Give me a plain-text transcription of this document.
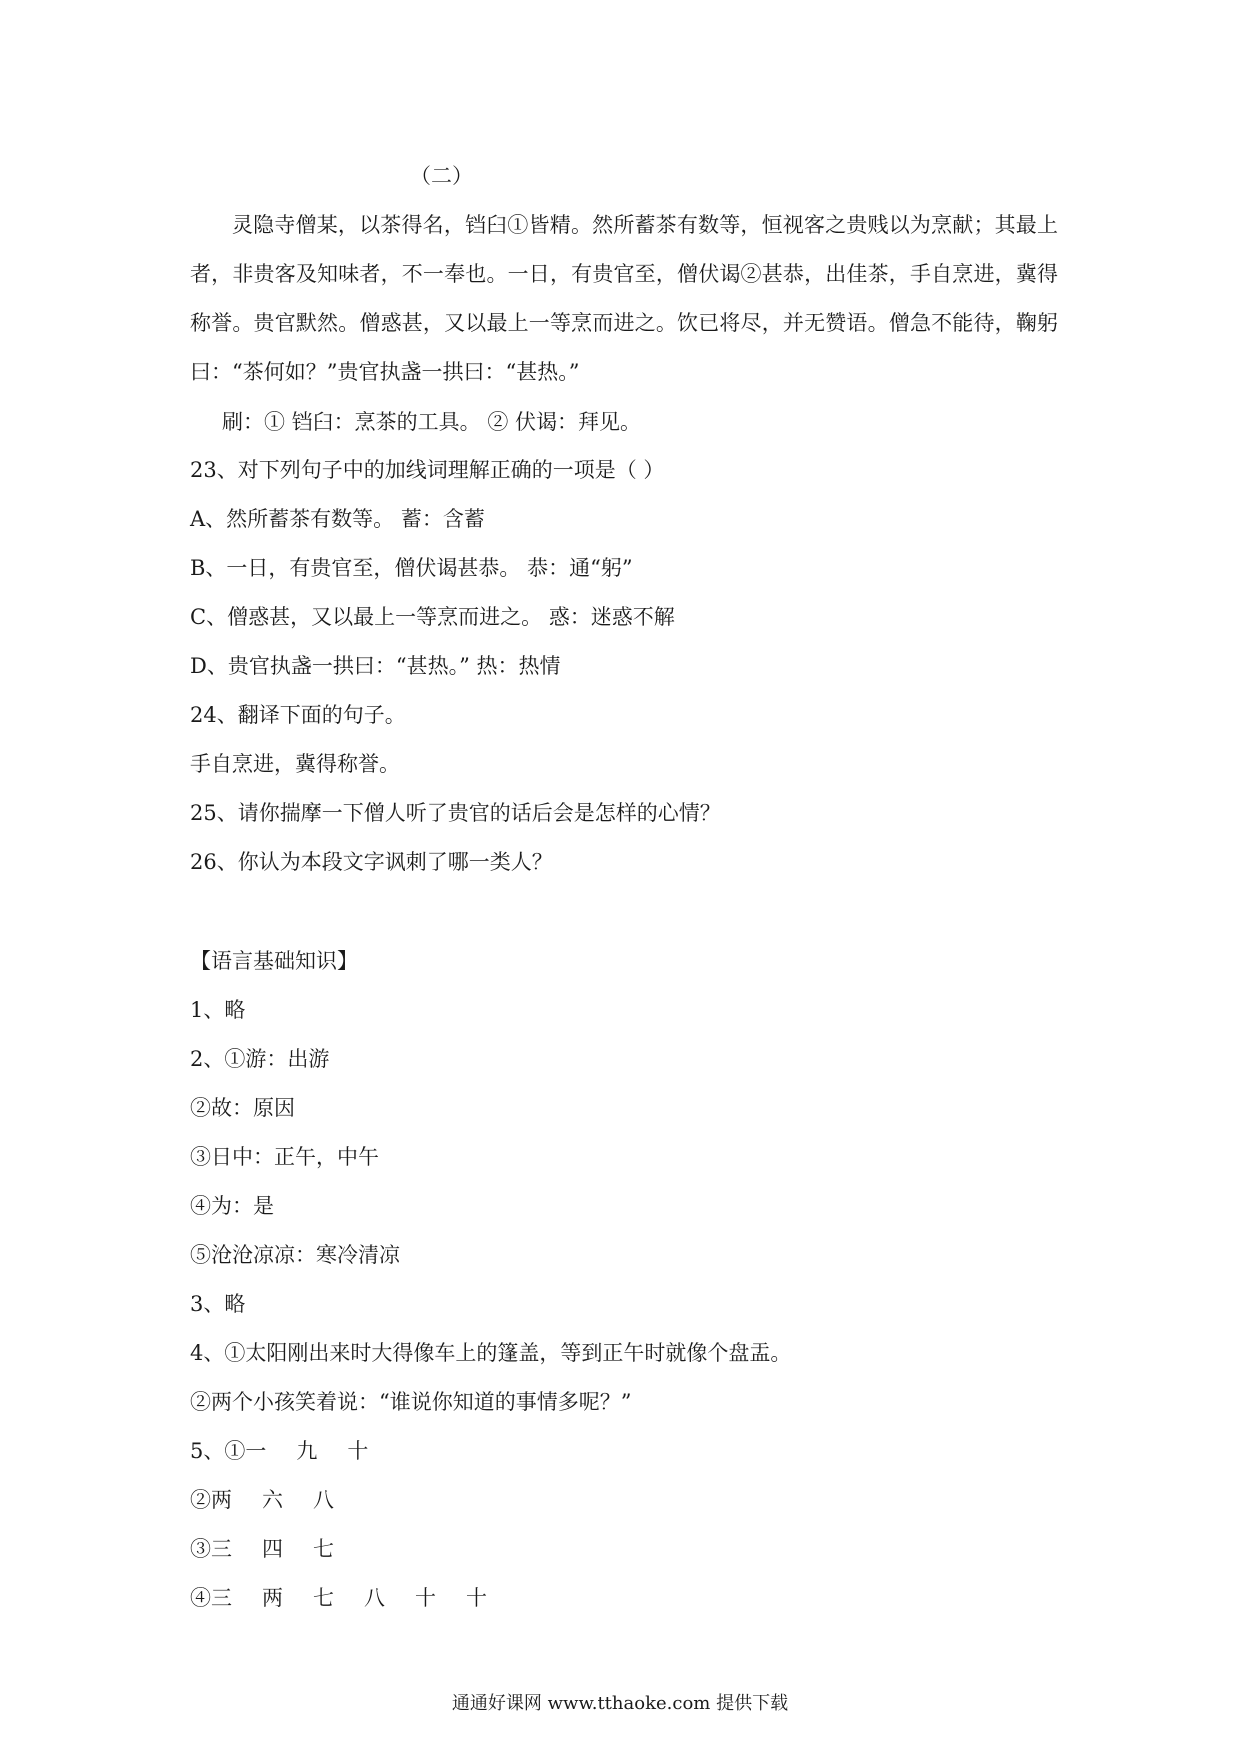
（二）

灵隐寺僧某，以茶得名，铛臼①皆精。然所蓄茶有数等，恒视客之贵贱以为烹献；其最上者，非贵客及知味者，不一奉也。一日，有贵官至，僧伏谒②甚恭，出佳茶，手自烹进，冀得称誉。贵官默然。僧惑甚，又以最上一等烹而进之。饮已将尽，并无赞语。僧急不能待，鞠躬曰：“茶何如？”贵官执盏一拱曰：“甚热。”

刷：① 铛臼：烹茶的工具。 ② 伏谒：拜见。
23、对下列句子中的加线词理解正确的一项是（ ）
A、然所蓄茶有数等。 蓄：含蓄
B、一日，有贵官至，僧伏谒甚恭。 恭：通“躬”
C、僧惑甚，又以最上一等烹而进之。 惑：迷惑不解
D、贵官执盏一拱曰：“甚热。” 热：热情
24、翻译下面的句子。
手自烹进，冀得称誉。
25、请你揣摩一下僧人听了贵官的话后会是怎样的心情？
26、你认为本段文字讽刺了哪一类人？
【语言基础知识】
1、略
2、①游：出游
②故：原因
③日中：正午，中午
④为：是
⑤沧沧凉凉：寒冷清凉
3、略
4、①太阳刚出来时大得像车上的篷盖，等到正午时就像个盘盂。
②两个小孩笑着说：“谁说你知道的事情多呢？”
5、①一 九 十
②两 六 八
③三 四 七
④三 两 七 八 十 十
通通好课网 www.tthaoke.com 提供下载
